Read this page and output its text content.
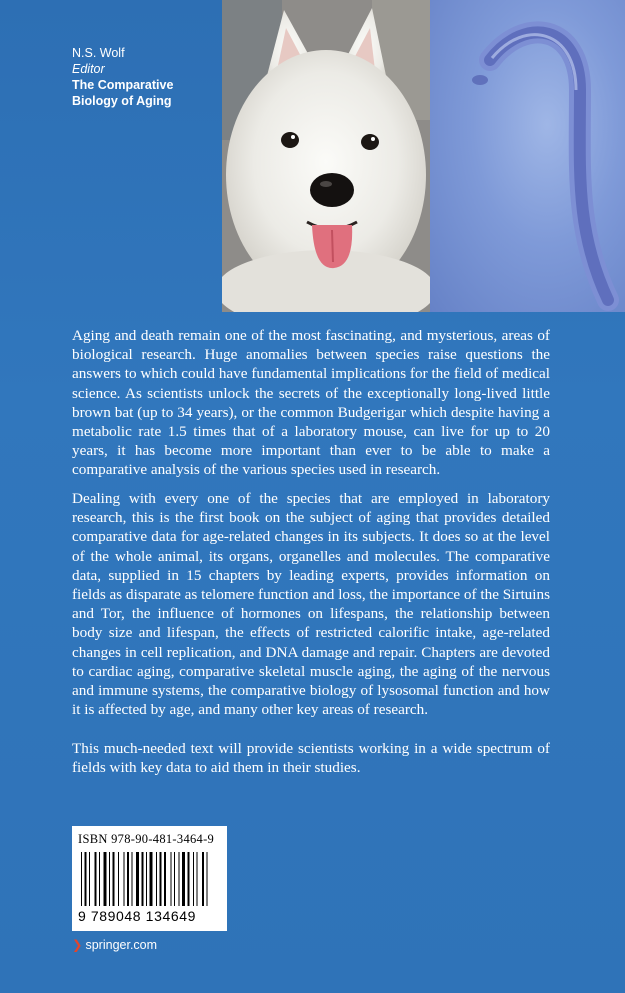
N.S. Wolf
Editor
The Comparative
Biology of Aging

Aging and death remain one of the most fascinating, and mysterious, areas of biological research. Huge anomalies between species raise questions the answers to which could have fundamental implications for the field of medical science. As scientists unlock the secrets of the exceptionally long-lived little brown bat (up to 34 years), or the common Budgerigar which despite having a metabolic rate 1.5 times that of a laboratory mouse, can live for up to 20 years, it has become more important than ever to be able to make a comparative analysis of the various species used in research.

Dealing with every one of the species that are employed in laboratory research, this is the first book on the subject of aging that provides detailed comparative data for age-related changes in its subjects. It does so at the level of the whole animal, its organs, organelles and molecules. The comparative data, supplied in 15 chapters by leading experts, provides information on fields as disparate as telomere function and loss, the importance of the Sirtuins and Tor, the influence of hormones on lifespans, the relationship between body size and lifespan, the effects of restricted calorific intake, age-related changes in cell replication, and DNA damage and repair. Chapters are devoted to cardiac aging, comparative skeletal muscle aging, the aging of the nervous and immune systems, the comparative biology of lysosomal function and how it is affected by age, and many other key areas of research.

This much-needed text will provide scientists working in a wide spectrum of fields with key data to aid them in their studies.

ISBN 978-90-481-3464-9
9 789048 134649
❯ springer.com
